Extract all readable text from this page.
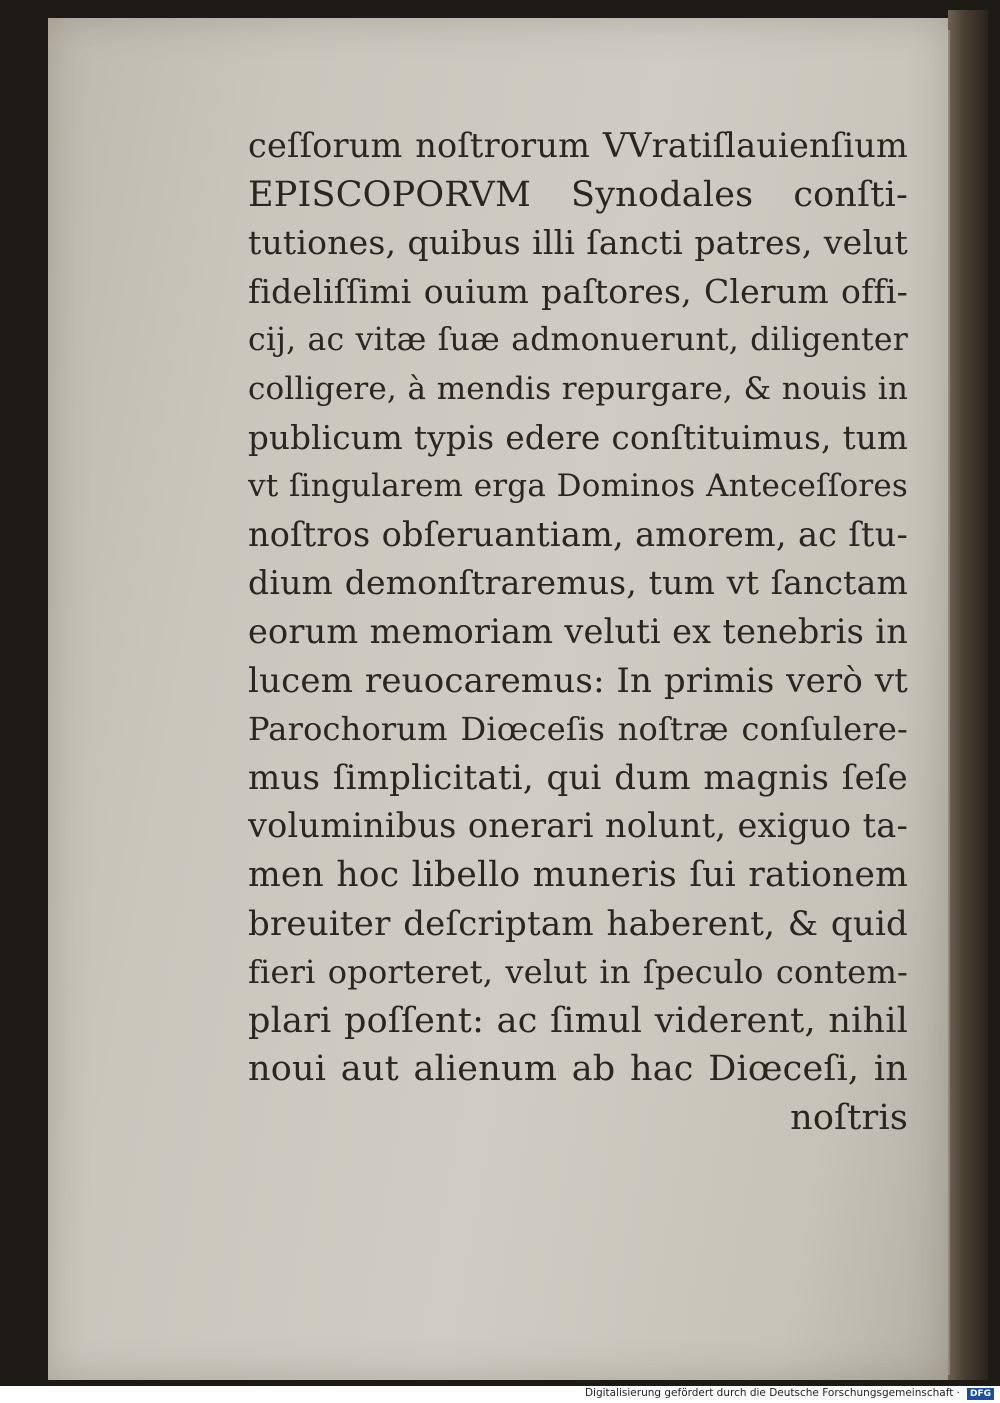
ceſſorum noſtrorum VVratiſlauienſium
EPISCOPORVM Synodales conſti-
tutiones, quibus illi ſancti patres, velut
fideliſſimi ouium paſtores, Clerum offi-
cij, ac vitæ ſuæ admonuerunt, diligenter
colligere, à mendis repurgare, & nouis in
publicum typis edere conſtituimus, tum
vt ſingularem erga Dominos Anteceſſores
noſtros obſeruantiam, amorem, ac ſtu-
dium demonſtraremus, tum vt ſanctam
eorum memoriam veluti ex tenebris in
lucem reuocaremus: In primis verò vt
Parochorum Diœceſis noſtræ conſulere-
mus ſimplicitati, qui dum magnis ſeſe
voluminibus onerari nolunt, exiguo ta-
men hoc libello muneris ſui rationem
breuiter deſcriptam haberent, & quid
fieri oporteret, velut in ſpeculo contem-
plari poſſent: ac ſimul viderent, nihil
noui aut alienum ab hac Diœceſi, in
noſtris
Digitalisierung gefördert durch die Deutsche Forschungsgemeinschaft ·	DFG
